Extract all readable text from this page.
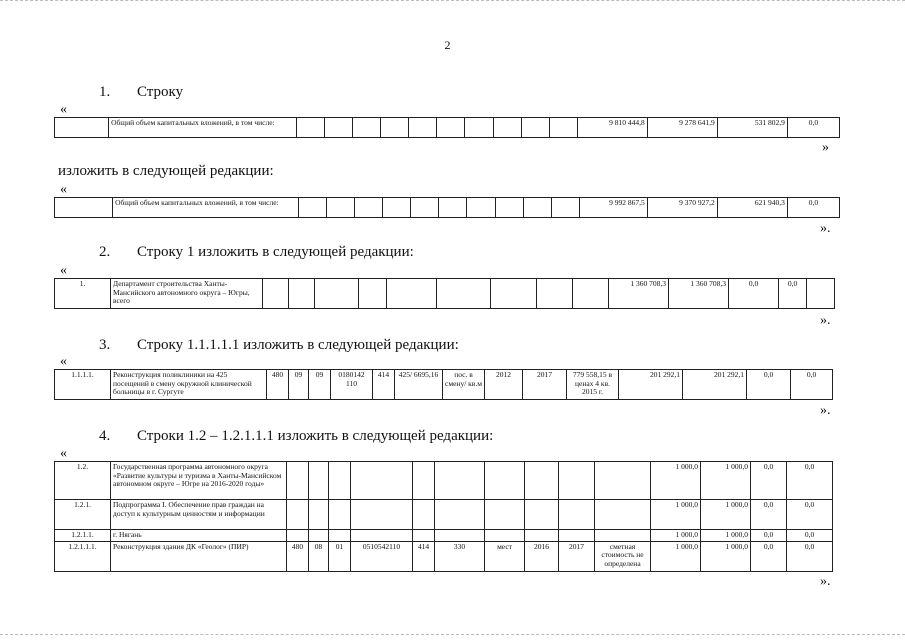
2
1. Строку
«
	Общий объем капитальных вложений, в том числе:											9 810 444,8	9 278 641,9	531 802,9	0,0
»
изложить в следующей редакции:
«
	Общий объем капитальных вложений, в том числе:											9 992 867,5	9 370 927,2	621 940,3	0,0
».
2. Строку 1 изложить в следующей редакции:
«
1.	Департамент строительства Ханты-Мансийского автономного округа – Югры, всего										1 360 708,3	1 360 708,3	0,0	0,0	
».
3. Строку 1.1.1.1.1 изложить в следующей редакции:
«
1.1.1.1.	Реконструкция поликлиники на 425 посещений в смену окружной клинической больницы в г. Сургуте	480	09	09	0180142 110	414	425/ 6695,16	пос. в смену/ кв.м	2012	2017	779 558,15 в ценах 4 кв. 2015 г.	201 292,1	201 292,1	0,0	0,0
».
4. Строки 1.2 – 1.2.1.1.1 изложить в следующей редакции:
«
1.2.	Государственная программа автономного округа «Развитие культуры и туризма в Ханты-Мансийском автономном округе – Югре на 2016-2020 годы»											1 000,0	1 000,0	0,0	0,0
1.2.1.	Подпрограмма I. Обеспечение прав граждан на доступ к культурным ценностям и информации											1 000,0	1 000,0	0,0	0,0
1.2.1.1.	г. Нягань											1 000,0	1 000,0	0,0	0,0
1.2.1.1.1.	Реконструкция здания ДК «Геолог» (ПИР)	480	08	01	0510542110	414	330	мест	2016	2017	сметная стоимость не определена	1 000,0	1 000,0	0,0	0,0
».
